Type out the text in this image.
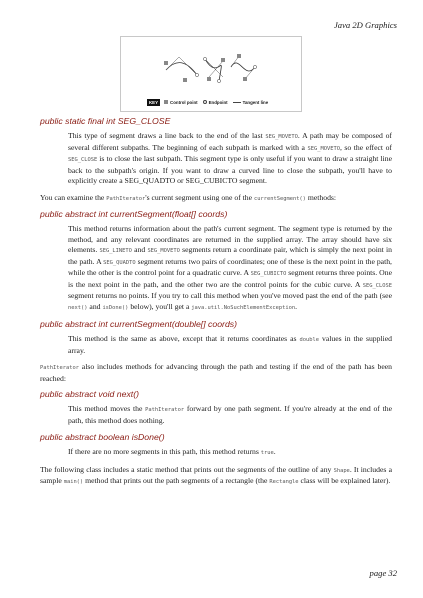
Java 2D Graphics
KEY	Control point	Endpoint	Tangent line
public static final int SEG_CLOSE

This type of segment draws a line back to the end of the last SEG_MOVETO. A path may be composed of several different subpaths. The beginning of each subpath is marked with a SEG_MOVETO, so the effect of SEG_CLOSE is to close the last subpath. This segment type is only useful if you want to draw a straight line back to the subpath's origin. If you want to draw a curved line to close the subpath, you'll have to explicitly create a SEG_QUADTO or SEG_CUBICTO segment.

You can examine the PathIterator's current segment using one of the currentSegment() methods:

public abstract int currentSegment(float[] coords)

This method returns information about the path's current segment. The segment type is returned by the method, and any relevant coordinates are returned in the supplied array. The array should have six elements. SEG_LINETO and SEG_MOVETO segments return a coordinate pair, which is simply the next point in the path. A SEG_QUADTO segment returns two pairs of coordinates; one of these is the next point in the path, while the other is the control point for a quadratic curve. A SEG_CUBICTO segment returns three points. One is the next point in the path, and the other two are the control points for the cubic curve. A SEG_CLOSE segment returns no points. If you try to call this method when you've moved past the end of the path (see next() and isDone() below), you'll get a java.util.NoSuchElementException.

public abstract int currentSegment(double[] coords)

This method is the same as above, except that it returns coordinates as double values in the supplied array.

PathIterator also includes methods for advancing through the path and testing if the end of the path has been reached:

public abstract void next()

This method moves the PathIterator forward by one path segment. If you're already at the end of the path, this method does nothing.

public abstract boolean isDone()

If there are no more segments in this path, this method returns true.

The following class includes a static method that prints out the segments of the outline of any Shape. It includes a sample main() method that prints out the path segments of a rectangle (the Rectangle class will be explained later).

page 32
